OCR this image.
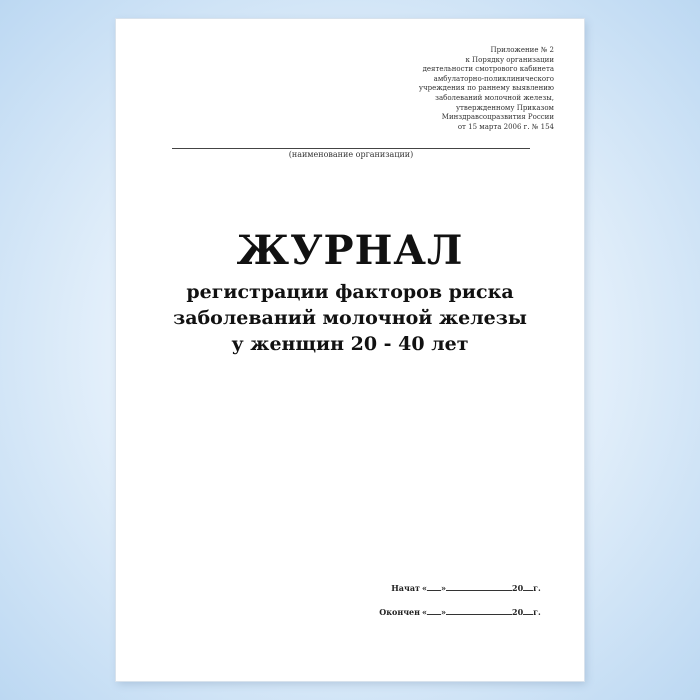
Приложение № 2
к Порядку организации
деятельности смотрового кабинета
амбулаторно-поликлинического
учреждения по раннему выявлению
заболеваний молочной железы,
утвержденному Приказом
Минздравсоцразвития России
от 15 марта 2006 г. № 154
(наименование организации)
ЖУРНАЛ
регистрации факторов риска
заболеваний молочной железы
у женщин 20 - 40 лет
Начат « »	20 г.
Окончен « »	20 г.
